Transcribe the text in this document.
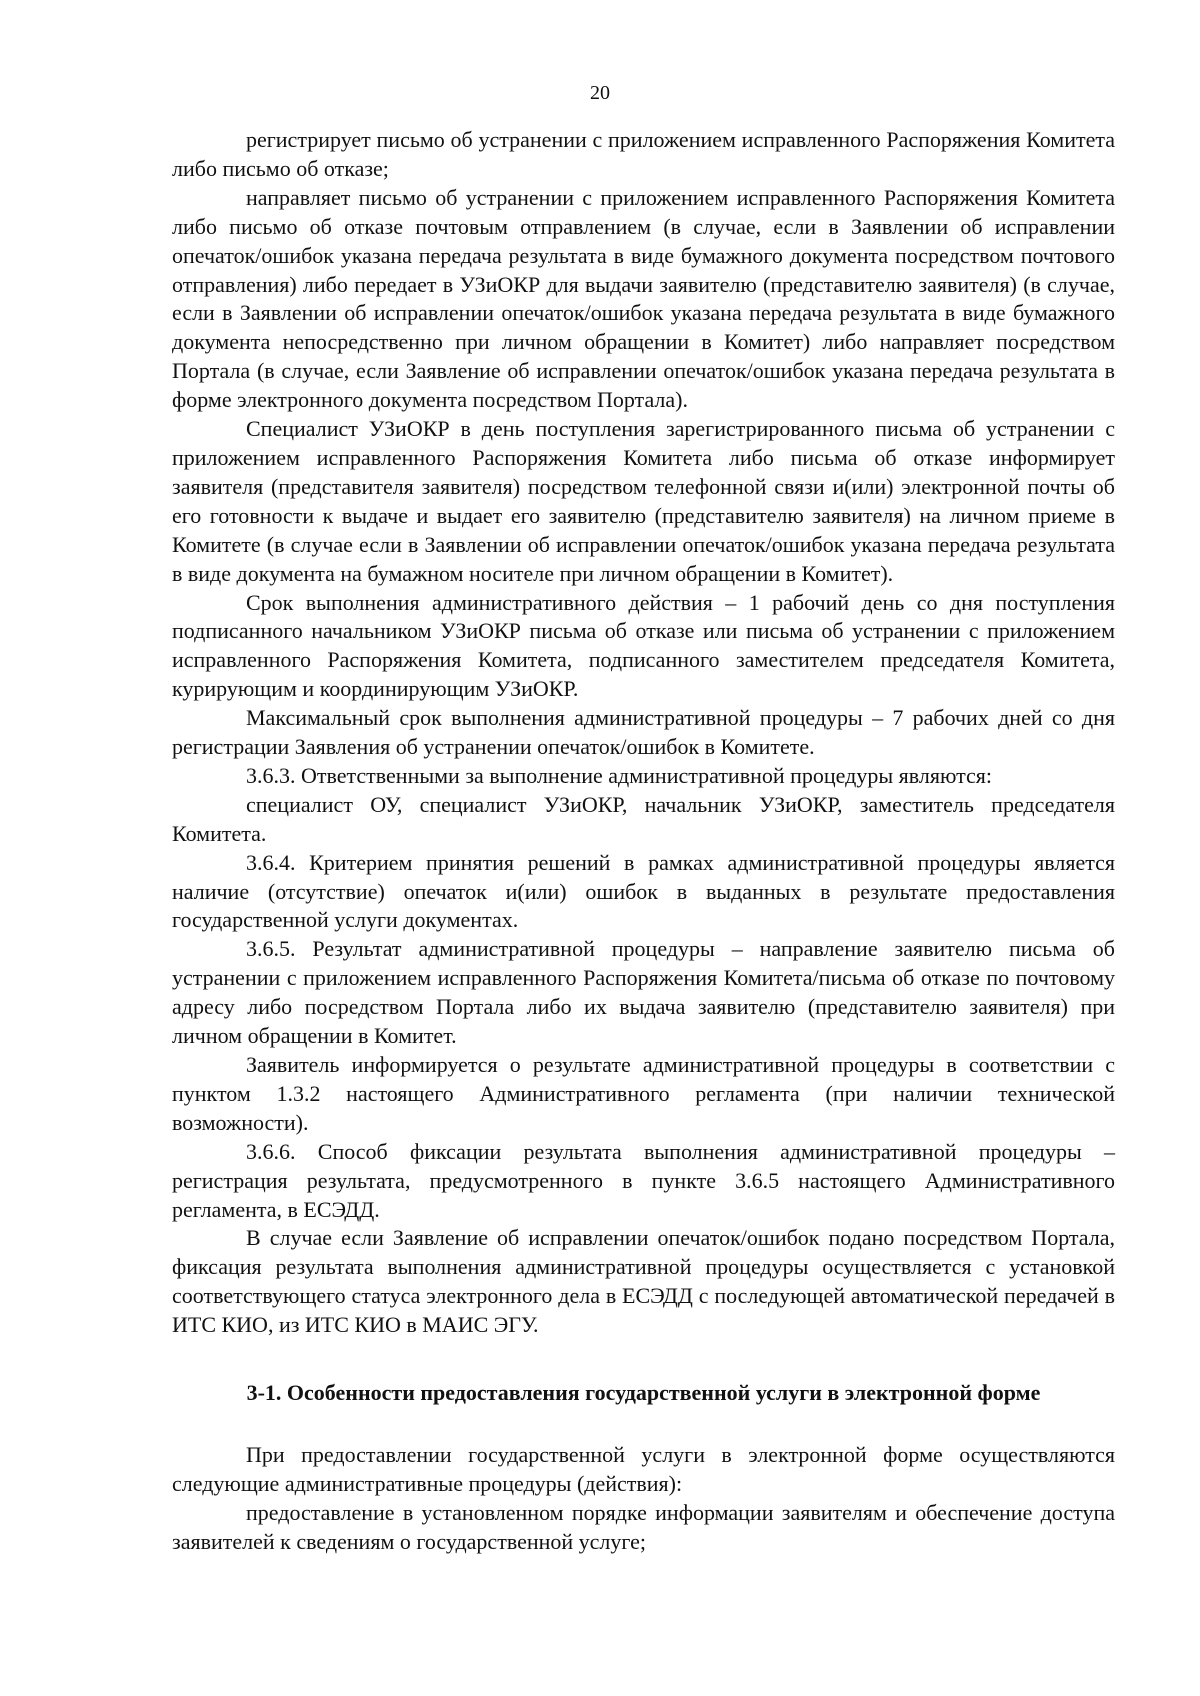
20

регистрирует письмо об устранении с приложением исправленного Распоряжения Комитета либо письмо об отказе;

направляет письмо об устранении с приложением исправленного Распоряжения Комитета либо письмо об отказе почтовым отправлением (в случае, если в Заявлении об исправлении опечаток/ошибок указана передача результата в виде бумажного документа посредством почтового отправления) либо передает в УЗиОКР для выдачи заявителю (представителю заявителя) (в случае, если в Заявлении об исправлении опечаток/ошибок указана передача результата в виде бумажного документа непосредственно при личном обращении в Комитет) либо направляет посредством Портала (в случае, если Заявление об исправлении опечаток/ошибок указана передача результата в форме электронного документа посредством Портала).

Специалист УЗиОКР в день поступления зарегистрированного письма об устранении с приложением исправленного Распоряжения Комитета либо письма об отказе информирует заявителя (представителя заявителя) посредством телефонной связи и(или) электронной почты об его готовности к выдаче и выдает его заявителю (представителю заявителя) на личном приеме в Комитете (в случае если в Заявлении об исправлении опечаток/ошибок указана передача результата в виде документа на бумажном носителе при личном обращении в Комитет).

Срок выполнения административного действия – 1 рабочий день со дня поступления подписанного начальником УЗиОКР письма об отказе или письма об устранении с приложением исправленного Распоряжения Комитета, подписанного заместителем председателя Комитета, курирующим и координирующим УЗиОКР.

Максимальный срок выполнения административной процедуры – 7 рабочих дней со дня регистрации Заявления об устранении опечаток/ошибок в Комитете.

3.6.3. Ответственными за выполнение административной процедуры являются:

специалист ОУ, специалист УЗиОКР, начальник УЗиОКР, заместитель председателя Комитета.

3.6.4. Критерием принятия решений в рамках административной процедуры является наличие (отсутствие) опечаток и(или) ошибок в выданных в результате предоставления государственной услуги документах.

3.6.5. Результат административной процедуры – направление заявителю письма об устранении с приложением исправленного Распоряжения Комитета/письма об отказе по почтовому адресу либо посредством Портала либо их выдача заявителю (представителю заявителя) при личном обращении в Комитет.

Заявитель информируется о результате административной процедуры в соответствии с пунктом 1.3.2 настоящего Административного регламента (при наличии технической возможности).

3.6.6. Способ фиксации результата выполнения административной процедуры – регистрация результата, предусмотренного в пункте 3.6.5 настоящего Административного регламента, в ЕСЭДД.

В случае если Заявление об исправлении опечаток/ошибок подано посредством Портала, фиксация результата выполнения административной процедуры осуществляется с установкой соответствующего статуса электронного дела в ЕСЭДД с последующей автоматической передачей в ИТС КИО, из ИТС КИО в МАИС ЭГУ.

3-1. Особенности предоставления государственной услуги в электронной форме

При предоставлении государственной услуги в электронной форме осуществляются следующие административные процедуры (действия):

предоставление в установленном порядке информации заявителям и обеспечение доступа заявителей к сведениям о государственной услуге;
